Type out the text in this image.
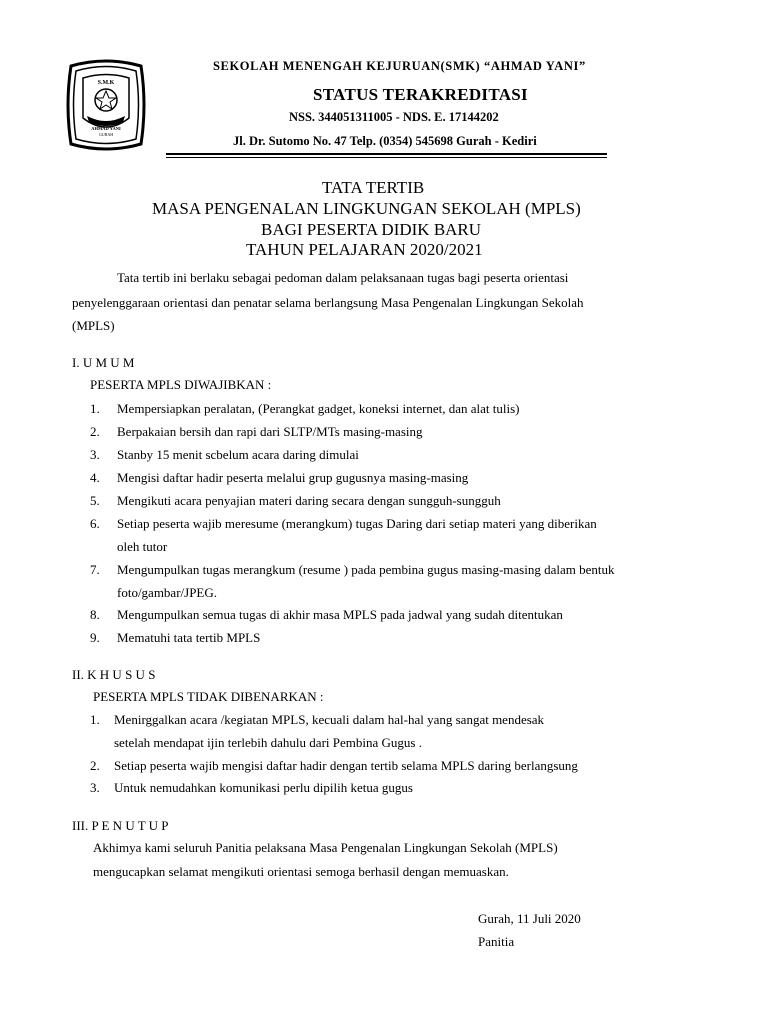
S.M.K
AHMAD YANI
GURAH
SEKOLAH MENENGAH KEJURUAN(SMK) “AHMAD YANI”
STATUS TERAKREDITASI
NSS. 344051311005 - NDS. E. 17144202
Jl. Dr. Sutomo No. 47 Telp. (0354) 545698 Gurah - Kediri
TATA TERTIB
MASA PENGENALAN LINGKUNGAN SEKOLAH (MPLS)
BAGI PESERTA DIDIK BARU
TAHUN PELAJARAN 2020/2021
Tata tertib ini berlaku sebagai pedoman dalam pelaksanaan tugas bagi peserta orientasi
penyelenggaraan orientasi dan penatar selama berlangsung Masa Pengenalan Lingkungan Sekolah
(MPLS)
I. U M U M
PESERTA MPLS DIWAJIBKAN :
1. Mempersiapkan peralatan, (Perangkat gadget, koneksi internet, dan alat tulis)
2. Berpakaian bersih dan rapi dari SLTP/MTs masing-masing
3. Stanby 15 menit scbelum acara daring dimulai
4. Mengisi daftar hadir peserta melalui grup gugusnya masing-masing
5. Mengikuti acara penyajian materi daring secara dengan sungguh-sungguh
6. Setiap peserta wajib meresume (merangkum) tugas Daring dari setiap materi yang diberikan
oleh tutor
7. Mengumpulkan tugas merangkum (resume ) pada pembina gugus masing-masing dalam bentuk
foto/gambar/JPEG.
8. Mengumpulkan semua tugas di akhir masa MPLS pada jadwal yang sudah ditentukan
9. Mematuhi tata tertib MPLS
II. K H U S U S
PESERTA MPLS TIDAK DIBENARKAN :
1. Menirggalkan acara /kegiatan MPLS, kecuali dalam hal-hal yang sangat mendesak
setelah mendapat ijin terlebih dahulu dari Pembina Gugus .
2. Setiap peserta wajib mengisi daftar hadir dengan tertib selama MPLS daring berlangsung
3. Untuk nemudahkan komunikasi perlu dipilih ketua gugus
III. P E N U T U P
Akhimya kami seluruh Panitia pelaksana Masa Pengenalan Lingkungan Sekolah (MPLS)
mengucapkan selamat mengikuti orientasi semoga berhasil dengan memuaskan.
Gurah, 11 Juli 2020
Panitia
